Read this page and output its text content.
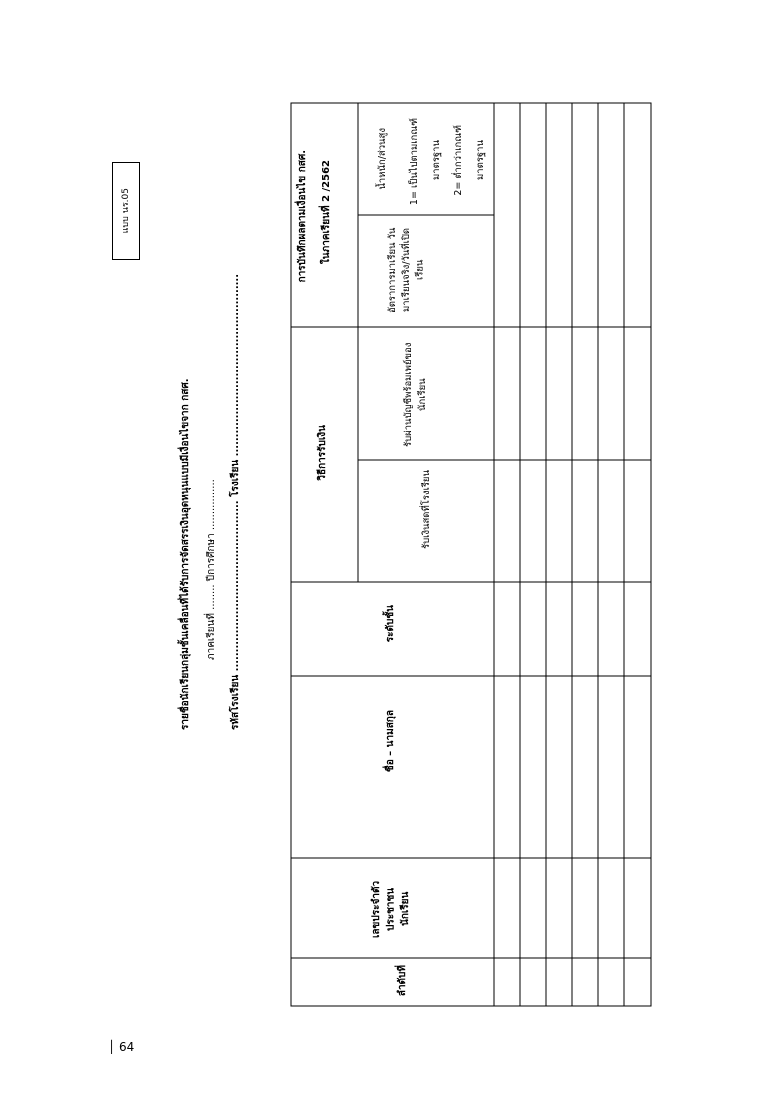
แบบ นร.05
รายชื่อนักเรียนกลุ่มชั้นเคลื่อนที่ได้รับการจัดสรรเงินอุดหนุนแบบมีเงื่อนไขจาก กสศ. ภาคเรียนที่ ........ ปีการศึกษา ................ รหัสโรงเรียน ............................................. โรงเรียน ................................................
การบันทึกผลตามเงื่อนไข กสศ. ในภาคเรียนที่ 2 /2562
อัตราการมาเรียน วันมาเรียนจริง/วันที่เปิดเรียน
น้ำหนัก/ส่วนสูง 1= เป็นไปตามเกณฑ์ มาตรฐาน 2= ต่ำกว่าเกณฑ์ มาตรฐาน
วิธีการรับเงิน
รับผ่านบัญชีพร้อมเพย์ของนักเรียน
รับเงินสดที่โรงเรียน
ระดับชั้น
ชื่อ – นามสกุล
เลขประจำตัวประชาชนนักเรียน
ลำดับที่
│ 64
